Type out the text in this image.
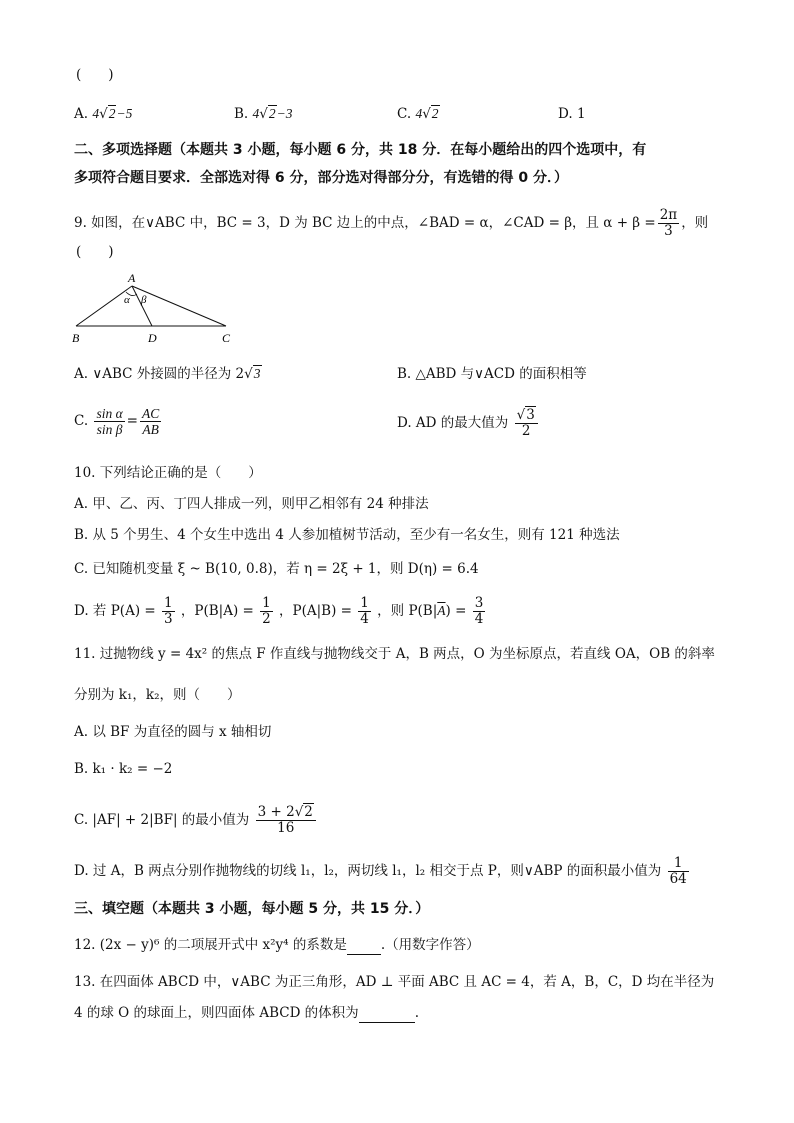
(　　)
A. 4√2−5	B. 4√2−3	C. 4√2	D. 1
二、多项选择题（本题共 3 小题，每小题 6 分，共 18 分．在每小题给出的四个选项中，有
多项符合题目要求．全部选对得 6 分，部分选对得部分分，有选错的得 0 分．）
9. 如图，在∨ABC 中，BC = 3，D 为 BC 边上的中点，∠BAD = α，∠CAD = β，且 $\alpha + \beta = \frac{2\pi}{3}$ ，则
(　　)
A
α β
B	D	C
A. ∨ABC 外接圆的半径为 2√3	B. △ABD 与∨ACD 的面积相等
C. $\frac{\text{sin α}}{\text{sin β}} = \frac{AC}{AB}$	D. AD 的最大值为 $\frac{√3}{2}$
10. 下列结论正确的是（　　）
A. 甲、乙、丙、丁四人排成一列，则甲乙相邻有 24 种排法
B. 从 5 个男生、4 个女生中选出 4 人参加植树节活动，至少有一名女生，则有 121 种选法
C. 已知随机变量 ξ ~ B(10, 0.8)，若 η = 2ξ + 1，则 D(η) = 6.4
D. 若 $P(A) = \frac{1}{3}$ ，$P(B|A) = \frac{1}{2}$ ，$P(A|B) = \frac{1}{4}$ ，则 $P(B|\overline{A}) = \frac{3}{4}$
11. 过抛物线 y = 4x² 的焦点 F 作直线与抛物线交于 A，B 两点，O 为坐标原点，若直线 OA，OB 的斜率
分别为 k₁，k₂，则（　　）
A. 以 BF 为直径的圆与 x 轴相切
B. k₁ · k₂ = −2
C. |AF| + 2|BF| 的最小值为 $\frac{3 + 2√2}{16}$
D. 过 A，B 两点分别作抛物线的切线 l₁，l₂，两切线 l₁，l₂ 相交于点 P，则∨ABP 的面积最小值为 $\frac{1}{64}$
三、填空题（本题共 3 小题，每小题 5 分，共 15 分．）
12. (2x − y)⁶ 的二项展开式中 x²y⁴ 的系数是	.（用数字作答）
13. 在四面体 ABCD 中，∨ABC 为正三角形，AD ⊥ 平面 ABC 且 AC = 4，若 A，B，C，D 均在半径为
4 的球 O 的球面上，则四面体 ABCD 的体积为	.
